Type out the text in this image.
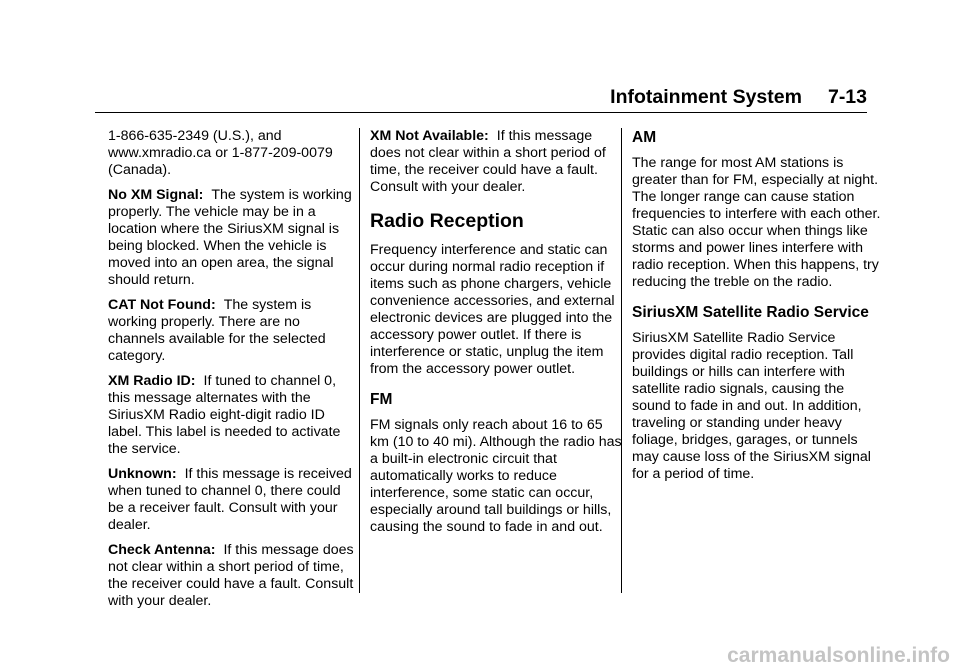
Infotainment System 7-13

1-866-635-2349 (U.S.), and www.xmradio.ca or 1-877-209-0079 (Canada).

No XM Signal: The system is working properly. The vehicle may be in a location where the SiriusXM signal is being blocked. When the vehicle is moved into an open area, the signal should return.

CAT Not Found: The system is working properly. There are no channels available for the selected category.

XM Radio ID: If tuned to channel 0, this message alternates with the SiriusXM Radio eight-digit radio ID label. This label is needed to activate the service.

Unknown: If this message is received when tuned to channel 0, there could be a receiver fault. Consult with your dealer.

Check Antenna: If this message does not clear within a short period of time, the receiver could have a fault. Consult with your dealer.

XM Not Available: If this message does not clear within a short period of time, the receiver could have a fault. Consult with your dealer.

Radio Reception

Frequency interference and static can occur during normal radio reception if items such as phone chargers, vehicle convenience accessories, and external electronic devices are plugged into the accessory power outlet. If there is interference or static, unplug the item from the accessory power outlet.

FM

FM signals only reach about 16 to 65 km (10 to 40 mi). Although the radio has a built-in electronic circuit that automatically works to reduce interference, some static can occur, especially around tall buildings or hills, causing the sound to fade in and out.

AM

The range for most AM stations is greater than for FM, especially at night. The longer range can cause station frequencies to interfere with each other. Static can also occur when things like storms and power lines interfere with radio reception. When this happens, try reducing the treble on the radio.

SiriusXM Satellite Radio Service

SiriusXM Satellite Radio Service provides digital radio reception. Tall buildings or hills can interfere with satellite radio signals, causing the sound to fade in and out. In addition, traveling or standing under heavy foliage, bridges, garages, or tunnels may cause loss of the SiriusXM signal for a period of time.

carmanualsonline.info
